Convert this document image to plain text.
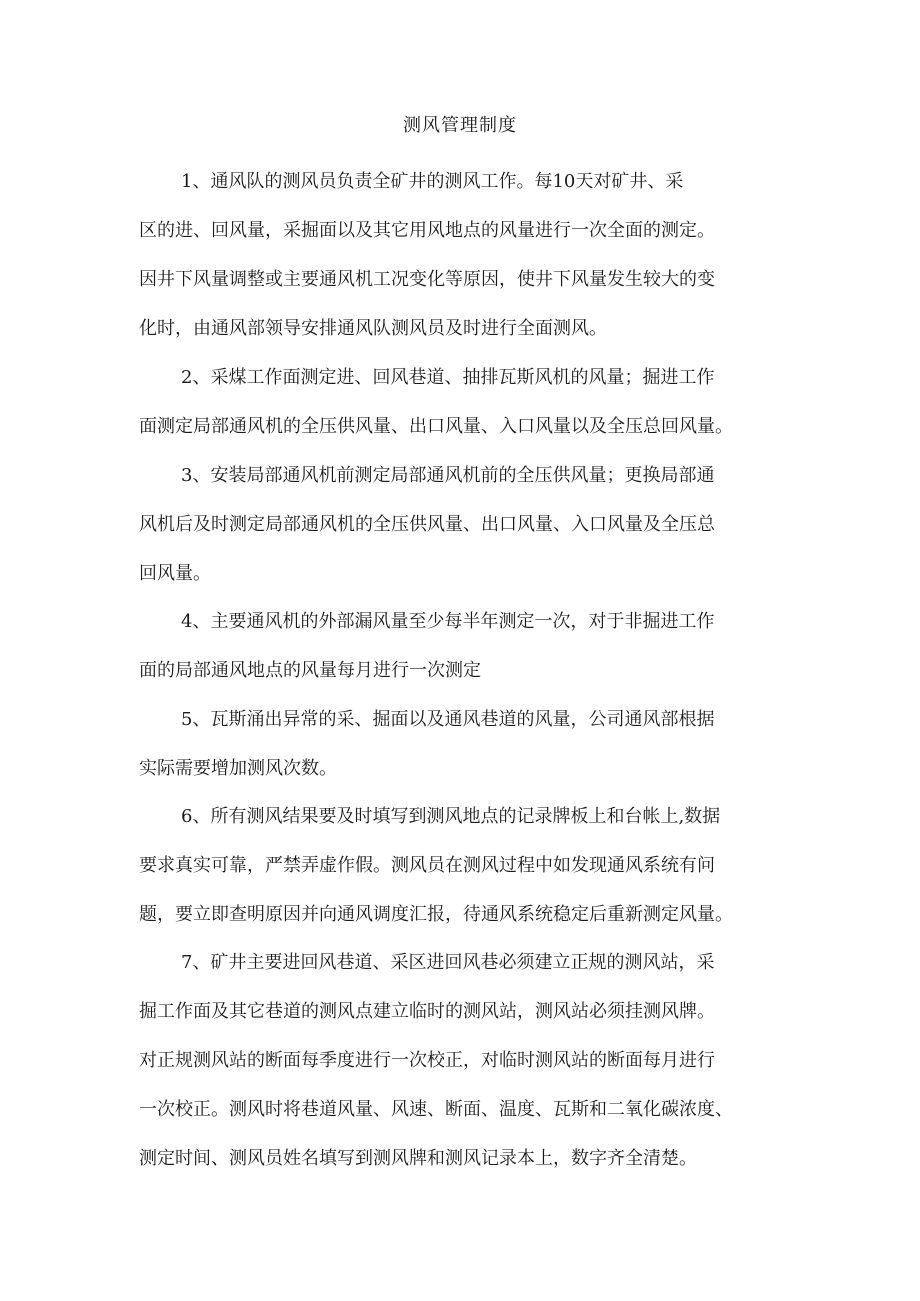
测风管理制度

1、通风队的测风员负责全矿井的测风工作。每10天对矿井、采
区的进、回风量，采掘面以及其它用风地点的风量进行一次全面的测定。
因井下风量调整或主要通风机工况变化等原因，使井下风量发生较大的变
化时，由通风部领导安排通风队测风员及时进行全面测风。

2、采煤工作面测定进、回风巷道、抽排瓦斯风机的风量；掘进工作
面测定局部通风机的全压供风量、出口风量、入口风量以及全压总回风量。

3、安装局部通风机前测定局部通风机前的全压供风量；更换局部通
风机后及时测定局部通风机的全压供风量、出口风量、入口风量及全压总
回风量。

4、主要通风机的外部漏风量至少每半年测定一次，对于非掘进工作
面的局部通风地点的风量每月进行一次测定

5、瓦斯涌出异常的采、掘面以及通风巷道的风量，公司通风部根据
实际需要增加测风次数。

6、所有测风结果要及时填写到测风地点的记录牌板上和台帐上,数据
要求真实可靠，严禁弄虚作假。测风员在测风过程中如发现通风系统有问
题，要立即查明原因并向通风调度汇报，待通风系统稳定后重新测定风量。

7、矿井主要进回风巷道、采区进回风巷必须建立正规的测风站，采
掘工作面及其它巷道的测风点建立临时的测风站，测风站必须挂测风牌。
对正规测风站的断面每季度进行一次校正，对临时测风站的断面每月进行
一次校正。测风时将巷道风量、风速、断面、温度、瓦斯和二氧化碳浓度、
测定时间、测风员姓名填写到测风牌和测风记录本上，数字齐全清楚。
